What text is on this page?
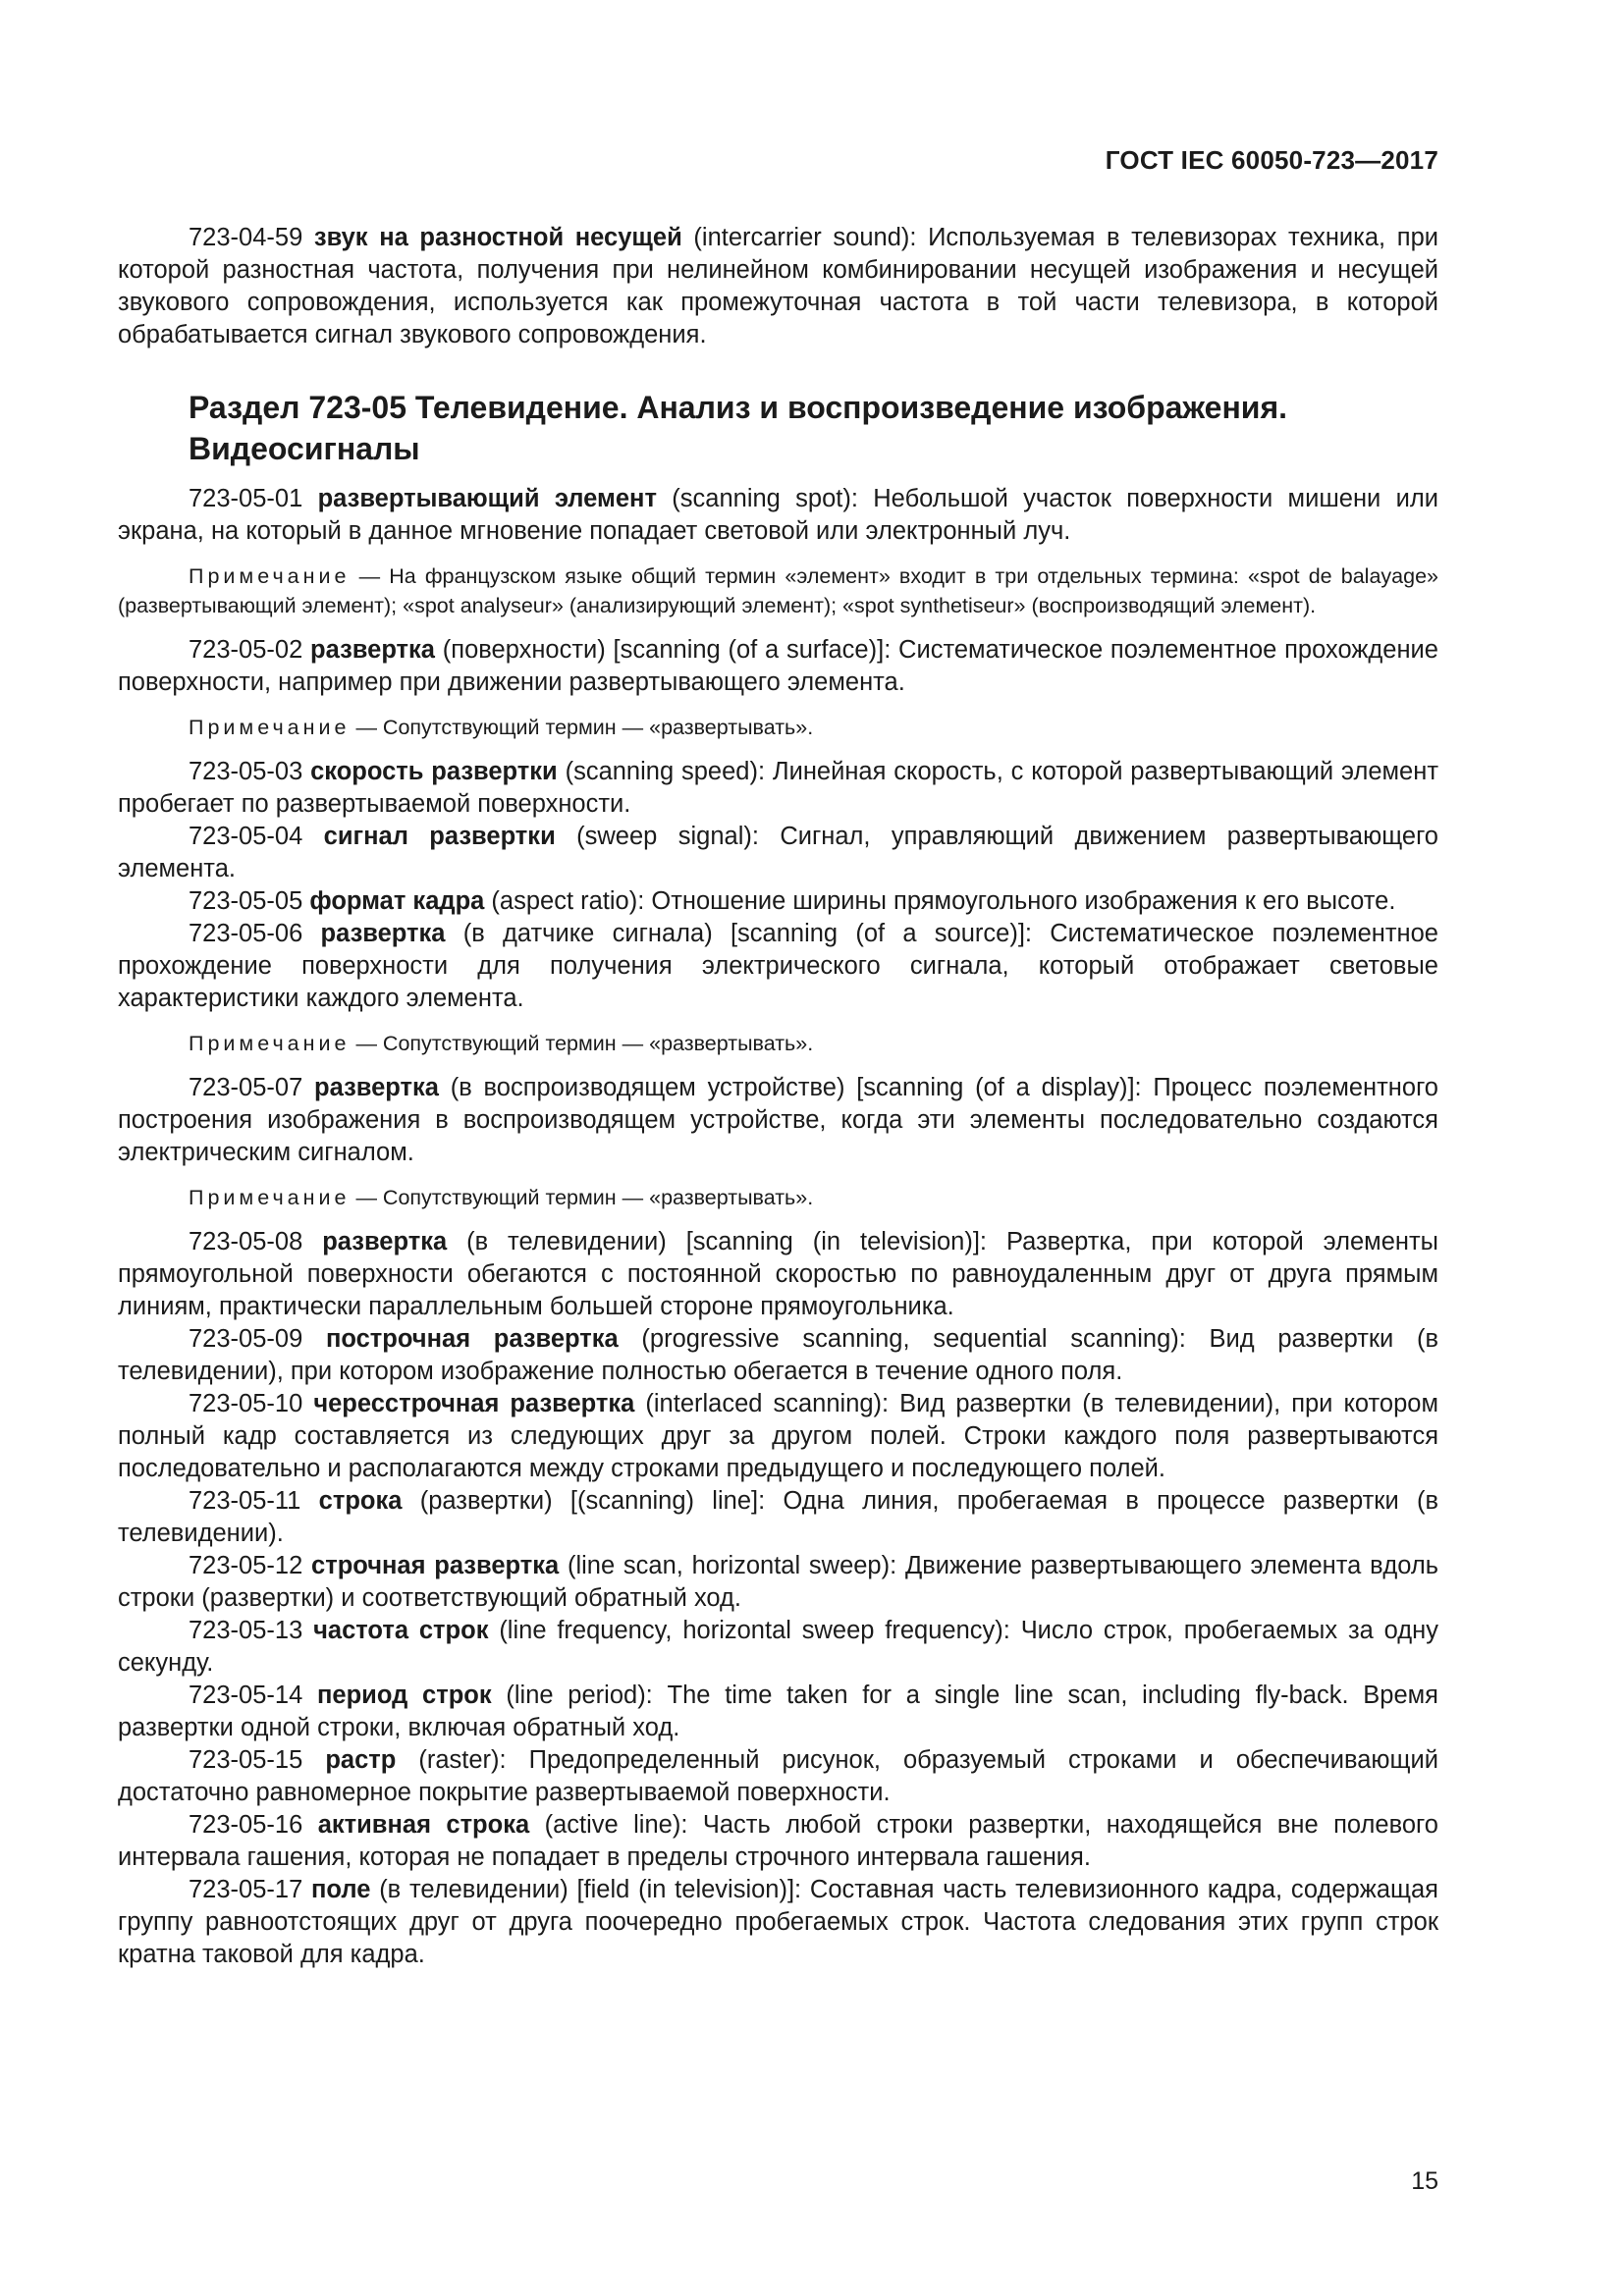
ГОСТ IEC 60050-723—2017

723-04-59 звук на разностной несущей (intercarrier sound): Используемая в телевизорах техника, при которой разностная частота, получения при нелинейном комбинировании несущей изображения и несущей звукового сопровождения, используется как промежуточная частота в той части телевизора, в которой обрабатывается сигнал звукового сопровождения.

Раздел 723-05 Телевидение. Анализ и воспроизведение изображения.
Видеосигналы

723-05-01 развертывающий элемент (scanning spot): Небольшой участок поверхности мишени или экрана, на который в данное мгновение попадает световой или электронный луч.

Примечание — На французском языке общий термин «элемент» входит в три отдельных термина: «spot de balayage» (развертывающий элемент); «spot analyseur» (анализирующий элемент); «spot synthetiseur» (воспроизводящий элемент).

723-05-02 развертка (поверхности) [scanning (of a surface)]: Систематическое поэлементное прохождение поверхности, например при движении развертывающего элемента.

Примечание — Сопутствующий термин — «развертывать».

723-05-03 скорость развертки (scanning speed): Линейная скорость, с которой развертывающий элемент пробегает по развертываемой поверхности.

723-05-04 сигнал развертки (sweep signal): Сигнал, управляющий движением развертывающего элемента.

723-05-05 формат кадра (aspect ratio): Отношение ширины прямоугольного изображения к его высоте.

723-05-06 развертка (в датчике сигнала) [scanning (of a source)]: Систематическое поэлементное прохождение поверхности для получения электрического сигнала, который отображает световые характеристики каждого элемента.

Примечание — Сопутствующий термин — «развертывать».

723-05-07 развертка (в воспроизводящем устройстве) [scanning (of a display)]: Процесс поэлементного построения изображения в воспроизводящем устройстве, когда эти элементы последовательно создаются электрическим сигналом.

Примечание — Сопутствующий термин — «развертывать».

723-05-08 развертка (в телевидении) [scanning (in television)]: Развертка, при которой элементы прямоугольной поверхности обегаются с постоянной скоростью по равноудаленным друг от друга прямым линиям, практически параллельным большей стороне прямоугольника.

723-05-09 построчная развертка (progressive scanning, sequential scanning): Вид развертки (в телевидении), при котором изображение полностью обегается в течение одного поля.

723-05-10 чересстрочная развертка (interlaced scanning): Вид развертки (в телевидении), при котором полный кадр составляется из следующих друг за другом полей. Строки каждого поля развертываются последовательно и располагаются между строками предыдущего и последующего полей.

723-05-11 строка (развертки) [(scanning) line]: Одна линия, пробегаемая в процессе развертки (в телевидении).

723-05-12 строчная развертка (line scan, horizontal sweep): Движение развертывающего элемента вдоль строки (развертки) и соответствующий обратный ход.

723-05-13 частота строк (line frequency, horizontal sweep frequency): Число строк, пробегаемых за одну секунду.

723-05-14 период строк (line period): The time taken for a single line scan, including fly-back. Время развертки одной строки, включая обратный ход.

723-05-15 растр (raster): Предопределенный рисунок, образуемый строками и обеспечивающий достаточно равномерное покрытие развертываемой поверхности.

723-05-16 активная строка (active line): Часть любой строки развертки, находящейся вне полевого интервала гашения, которая не попадает в пределы строчного интервала гашения.

723-05-17 поле (в телевидении) [field (in television)]: Составная часть телевизионного кадра, содержащая группу равноотстоящих друг от друга поочередно пробегаемых строк. Частота следования этих групп строк кратна таковой для кадра.

15
